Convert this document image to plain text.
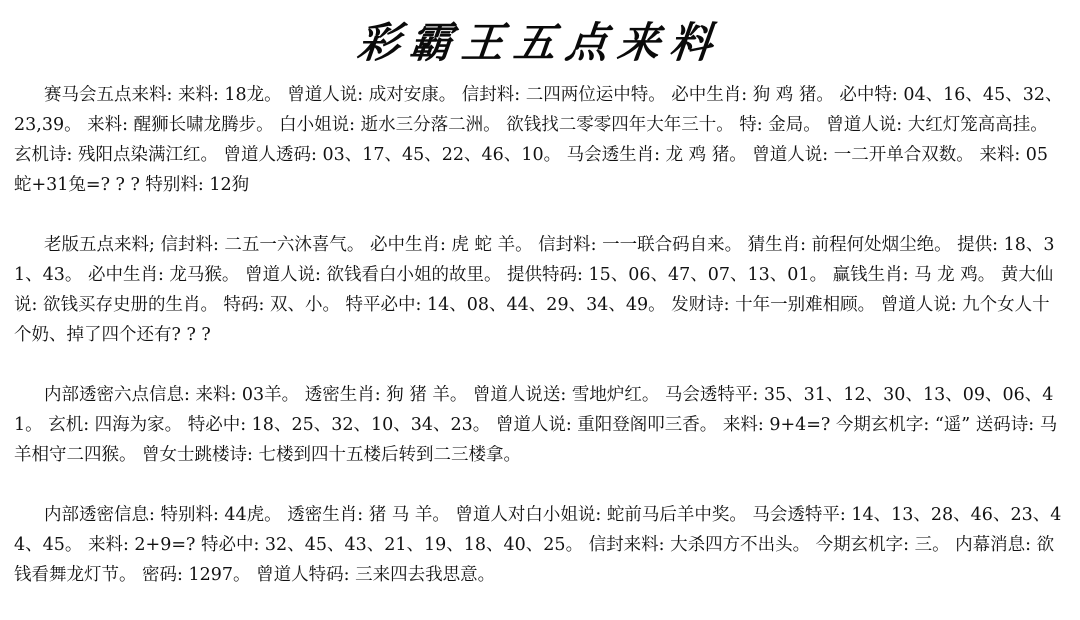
彩霸王五点来料

赛马会五点来料: 来料: 18龙。 曾道人说: 成对安康。 信封料: 二四两位运中特。 必中生肖: 狗 鸡 猪。 必中特: 04、16、45、32、23,39。 来料: 醒狮长啸龙腾步。 白小姐说: 逝水三分落二洲。 欲钱找二零零四年大年三十。 特: 金局。 曾道人说: 大红灯笼高高挂。 玄机诗: 残阳点染满江红。 曾道人透码: 03、17、45、22、46、10。 马会透生肖: 龙 鸡 猪。 曾道人说: 一二开单合双数。 来料: 05蛇+31兔=? ? ? 特别料: 12狗

老版五点来料; 信封料: 二五一六沐喜气。 必中生肖: 虎 蛇 羊。 信封料: 一一联合码自来。 猜生肖: 前程何处烟尘绝。 提供: 18、31、43。 必中生肖: 龙马猴。 曾道人说: 欲钱看白小姐的故里。 提供特码: 15、06、47、07、13、01。 赢钱生肖: 马 龙 鸡。 黄大仙说: 欲钱买存史册的生肖。 特码: 双、小。 特平必中: 14、08、44、29、34、49。 发财诗: 十年一别难相顾。 曾道人说: 九个女人十个奶、掉了四个还有? ? ?

内部透密六点信息: 来料: 03羊。 透密生肖: 狗 猪 羊。 曾道人说送: 雪地炉红。 马会透特平: 35、31、12、30、13、09、06、41。 玄机: 四海为家。 特必中: 18、25、32、10、34、23。 曾道人说: 重阳登阁叩三香。 来料: 9+4=? 今期玄机字: “遥” 送码诗: 马羊相守二四猴。 曾女士跳楼诗: 七楼到四十五楼后转到二三楼拿。

内部透密信息: 特别料: 44虎。 透密生肖: 猪 马 羊。 曾道人对白小姐说: 蛇前马后羊中奖。 马会透特平: 14、13、28、46、23、44、45。 来料: 2+9=? 特必中: 32、45、43、21、19、18、40、25。 信封来料: 大杀四方不出头。 今期玄机字: 三。 内幕消息: 欲钱看舞龙灯节。 密码: 1297。 曾道人特码: 三来四去我思意。
